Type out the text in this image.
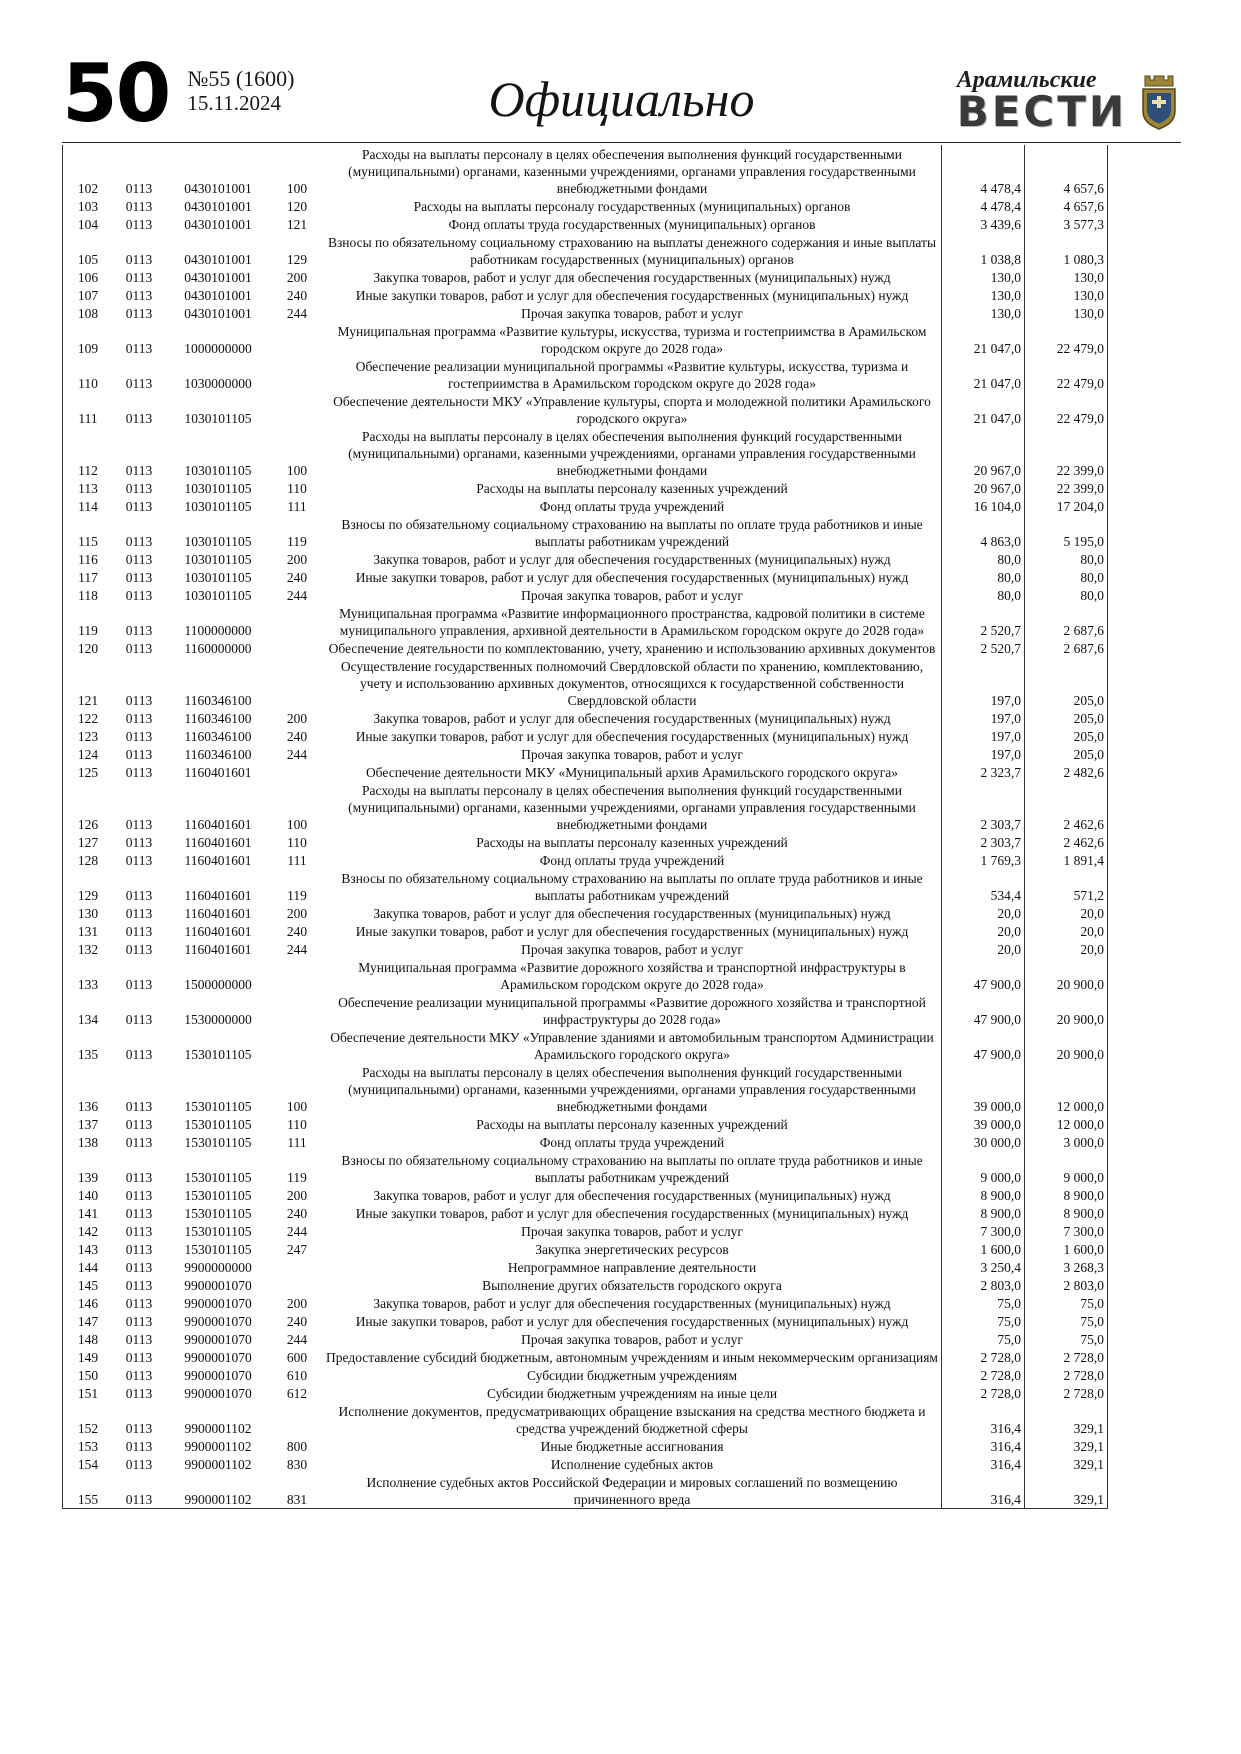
50 №55 (1600)
15.11.2024	Официально	Арамильские
ВЕСТИ
102	0113	0430101001	100	Расходы на выплаты персоналу в целях обеспечения выполнения функций государственными (муниципальными) органами, казенными учреждениями, органами управления государственными внебюджетными фондами	4 478,4	4 657,6
103	0113	0430101001	120	Расходы на выплаты персоналу государственных (муниципальных) органов	4 478,4	4 657,6
104	0113	0430101001	121	Фонд оплаты труда государственных (муниципальных) органов	3 439,6	3 577,3
105	0113	0430101001	129	Взносы по обязательному социальному страхованию на выплаты денежного содержания и иные выплаты работникам государственных (муниципальных) органов	1 038,8	1 080,3
106	0113	0430101001	200	Закупка товаров, работ и услуг для обеспечения государственных (муниципальных) нужд	130,0	130,0
107	0113	0430101001	240	Иные закупки товаров, работ и услуг для обеспечения государственных (муниципальных) нужд	130,0	130,0
108	0113	0430101001	244	Прочая закупка товаров, работ и услуг	130,0	130,0
109	0113	1000000000		Муниципальная программа «Развитие культуры, искусства, туризма и гостеприимства в Арамильском городском округе до 2028 года»	21 047,0	22 479,0
110	0113	1030000000		Обеспечение реализации муниципальной программы «Развитие культуры, искусства, туризма и гостеприимства в Арамильском городском округе до 2028 года»	21 047,0	22 479,0
111	0113	1030101105		Обеспечение деятельности МКУ «Управление культуры, спорта и молодежной политики Арамильского городского округа»	21 047,0	22 479,0
112	0113	1030101105	100	Расходы на выплаты персоналу в целях обеспечения выполнения функций государственными (муниципальными) органами, казенными учреждениями, органами управления государственными внебюджетными фондами	20 967,0	22 399,0
113	0113	1030101105	110	Расходы на выплаты персоналу казенных учреждений	20 967,0	22 399,0
114	0113	1030101105	111	Фонд оплаты труда учреждений	16 104,0	17 204,0
115	0113	1030101105	119	Взносы по обязательному социальному страхованию на выплаты по оплате труда работников и иные выплаты работникам учреждений	4 863,0	5 195,0
116	0113	1030101105	200	Закупка товаров, работ и услуг для обеспечения государственных (муниципальных) нужд	80,0	80,0
117	0113	1030101105	240	Иные закупки товаров, работ и услуг для обеспечения государственных (муниципальных) нужд	80,0	80,0
118	0113	1030101105	244	Прочая закупка товаров, работ и услуг	80,0	80,0
119	0113	1100000000		Муниципальная программа «Развитие информационного пространства, кадровой политики в системе муниципального управления, архивной деятельности в Арамильском городском округе до 2028 года»	2 520,7	2 687,6
120	0113	1160000000		Обеспечение деятельности по комплектованию, учету, хранению и использованию архивных документов	2 520,7	2 687,6
121	0113	1160346100		Осуществление государственных полномочий Свердловской области по хранению, комплектованию, учету и использованию архивных документов, относящихся к государственной собственности Свердловской области	197,0	205,0
122	0113	1160346100	200	Закупка товаров, работ и услуг для обеспечения государственных (муниципальных) нужд	197,0	205,0
123	0113	1160346100	240	Иные закупки товаров, работ и услуг для обеспечения государственных (муниципальных) нужд	197,0	205,0
124	0113	1160346100	244	Прочая закупка товаров, работ и услуг	197,0	205,0
125	0113	1160401601		Обеспечение деятельности МКУ «Муниципальный архив Арамильского городского округа»	2 323,7	2 482,6
126	0113	1160401601	100	Расходы на выплаты персоналу в целях обеспечения выполнения функций государственными (муниципальными) органами, казенными учреждениями, органами управления государственными внебюджетными фондами	2 303,7	2 462,6
127	0113	1160401601	110	Расходы на выплаты персоналу казенных учреждений	2 303,7	2 462,6
128	0113	1160401601	111	Фонд оплаты труда учреждений	1 769,3	1 891,4
129	0113	1160401601	119	Взносы по обязательному социальному страхованию на выплаты по оплате труда работников и иные выплаты работникам учреждений	534,4	571,2
130	0113	1160401601	200	Закупка товаров, работ и услуг для обеспечения государственных (муниципальных) нужд	20,0	20,0
131	0113	1160401601	240	Иные закупки товаров, работ и услуг для обеспечения государственных (муниципальных) нужд	20,0	20,0
132	0113	1160401601	244	Прочая закупка товаров, работ и услуг	20,0	20,0
133	0113	1500000000		Муниципальная программа «Развитие дорожного хозяйства и транспортной инфраструктуры в Арамильском городском округе до 2028 года»	47 900,0	20 900,0
134	0113	1530000000		Обеспечение реализации муниципальной программы «Развитие дорожного хозяйства и транспортной инфраструктуры до 2028 года»	47 900,0	20 900,0
135	0113	1530101105		Обеспечение деятельности МКУ «Управление зданиями и автомобильным транспортом Администрации Арамильского городского округа»	47 900,0	20 900,0
136	0113	1530101105	100	Расходы на выплаты персоналу в целях обеспечения выполнения функций государственными (муниципальными) органами, казенными учреждениями, органами управления государственными внебюджетными фондами	39 000,0	12 000,0
137	0113	1530101105	110	Расходы на выплаты персоналу казенных учреждений	39 000,0	12 000,0
138	0113	1530101105	111	Фонд оплаты труда учреждений	30 000,0	3 000,0
139	0113	1530101105	119	Взносы по обязательному социальному страхованию на выплаты по оплате труда работников и иные выплаты работникам учреждений	9 000,0	9 000,0
140	0113	1530101105	200	Закупка товаров, работ и услуг для обеспечения государственных (муниципальных) нужд	8 900,0	8 900,0
141	0113	1530101105	240	Иные закупки товаров, работ и услуг для обеспечения государственных (муниципальных) нужд	8 900,0	8 900,0
142	0113	1530101105	244	Прочая закупка товаров, работ и услуг	7 300,0	7 300,0
143	0113	1530101105	247	Закупка энергетических ресурсов	1 600,0	1 600,0
144	0113	9900000000		Непрограммное направление деятельности	3 250,4	3 268,3
145	0113	9900001070		Выполнение других обязательств городского округа	2 803,0	2 803,0
146	0113	9900001070	200	Закупка товаров, работ и услуг для обеспечения государственных (муниципальных) нужд	75,0	75,0
147	0113	9900001070	240	Иные закупки товаров, работ и услуг для обеспечения государственных (муниципальных) нужд	75,0	75,0
148	0113	9900001070	244	Прочая закупка товаров, работ и услуг	75,0	75,0
149	0113	9900001070	600	Предоставление субсидий бюджетным, автономным учреждениям и иным некоммерческим организациям	2 728,0	2 728,0
150	0113	9900001070	610	Субсидии бюджетным учреждениям	2 728,0	2 728,0
151	0113	9900001070	612	Субсидии бюджетным учреждениям на иные цели	2 728,0	2 728,0
152	0113	9900001102		Исполнение документов, предусматривающих обращение взыскания на средства местного бюджета и средства учреждений бюджетной сферы	316,4	329,1
153	0113	9900001102	800	Иные бюджетные ассигнования	316,4	329,1
154	0113	9900001102	830	Исполнение судебных актов	316,4	329,1
155	0113	9900001102	831	Исполнение судебных актов Российской Федерации и мировых соглашений по возмещению причиненного вреда	316,4	329,1
